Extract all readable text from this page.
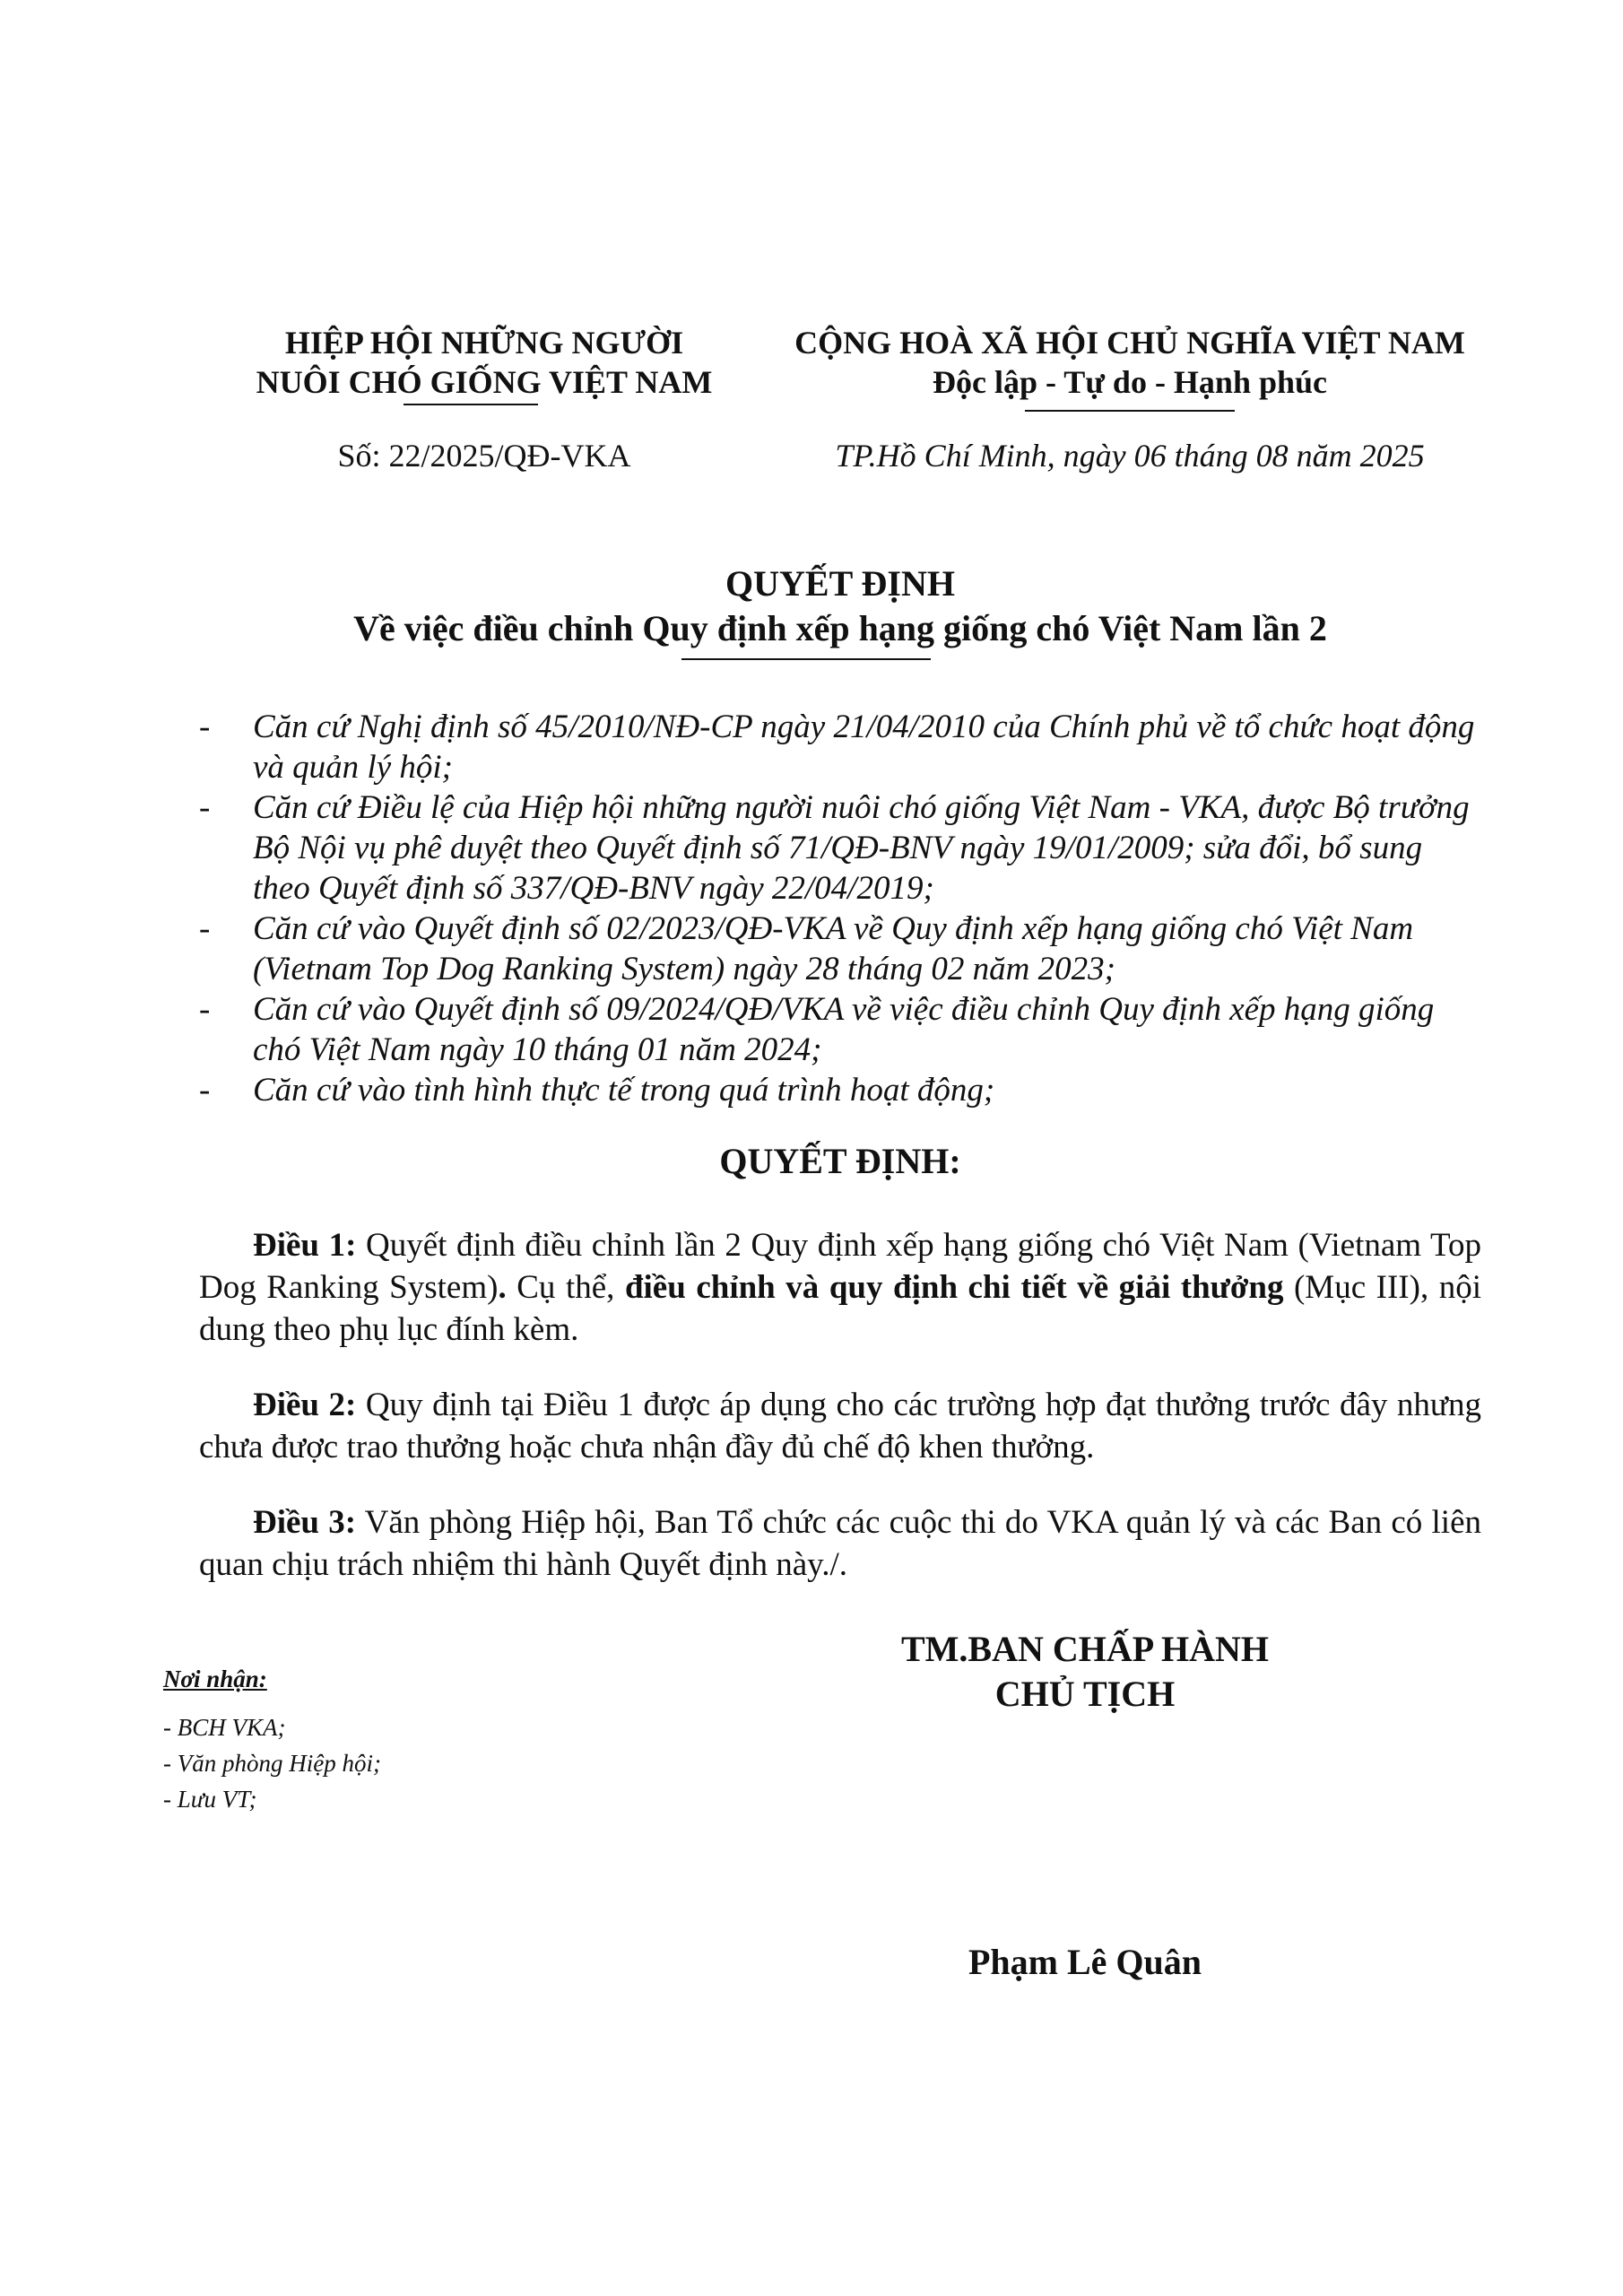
HIỆP HỘI NHỮNG NGƯỜI
NUÔI CHÓ GIỐNG VIỆT NAM
Số: 22/2025/QĐ-VKA
CỘNG HOÀ XÃ HỘI CHỦ NGHĨA VIỆT NAM
Độc lập - Tự do - Hạnh phúc
TP.Hồ Chí Minh, ngày 06 tháng 08 năm 2025
QUYẾT ĐỊNH
Về việc điều chỉnh Quy định xếp hạng giống chó Việt Nam lần 2
- Căn cứ Nghị định số 45/2010/NĐ-CP ngày 21/04/2010 của Chính phủ về tổ chức hoạt động và quản lý hội;
- Căn cứ Điều lệ của Hiệp hội những người nuôi chó giống Việt Nam - VKA, được Bộ trưởng Bộ Nội vụ phê duyệt theo Quyết định số 71/QĐ-BNV ngày 19/01/2009; sửa đổi, bổ sung theo Quyết định số 337/QĐ-BNV ngày 22/04/2019;
- Căn cứ vào Quyết định số 02/2023/QĐ-VKA về Quy định xếp hạng giống chó Việt Nam (Vietnam Top Dog Ranking System) ngày 28 tháng 02 năm 2023;
- Căn cứ vào Quyết định số 09/2024/QĐ/VKA về việc điều chỉnh Quy định xếp hạng giống chó Việt Nam ngày 10 tháng 01 năm 2024;
- Căn cứ vào tình hình thực tế trong quá trình hoạt động;
QUYẾT ĐỊNH:
Điều 1: Quyết định điều chỉnh lần 2 Quy định xếp hạng giống chó Việt Nam (Vietnam Top Dog Ranking System). Cụ thể, điều chỉnh và quy định chi tiết về giải thưởng (Mục III), nội dung theo phụ lục đính kèm.
Điều 2: Quy định tại Điều 1 được áp dụng cho các trường hợp đạt thưởng trước đây nhưng chưa được trao thưởng hoặc chưa nhận đầy đủ chế độ khen thưởng.
Điều 3: Văn phòng Hiệp hội, Ban Tổ chức các cuộc thi do VKA quản lý và các Ban có liên quan chịu trách nhiệm thi hành Quyết định này./.
Nơi nhận:
- BCH VKA;
- Văn phòng Hiệp hội;
- Lưu VT;
TM.BAN CHẤP HÀNH
CHỦ TỊCH
Phạm Lê Quân
